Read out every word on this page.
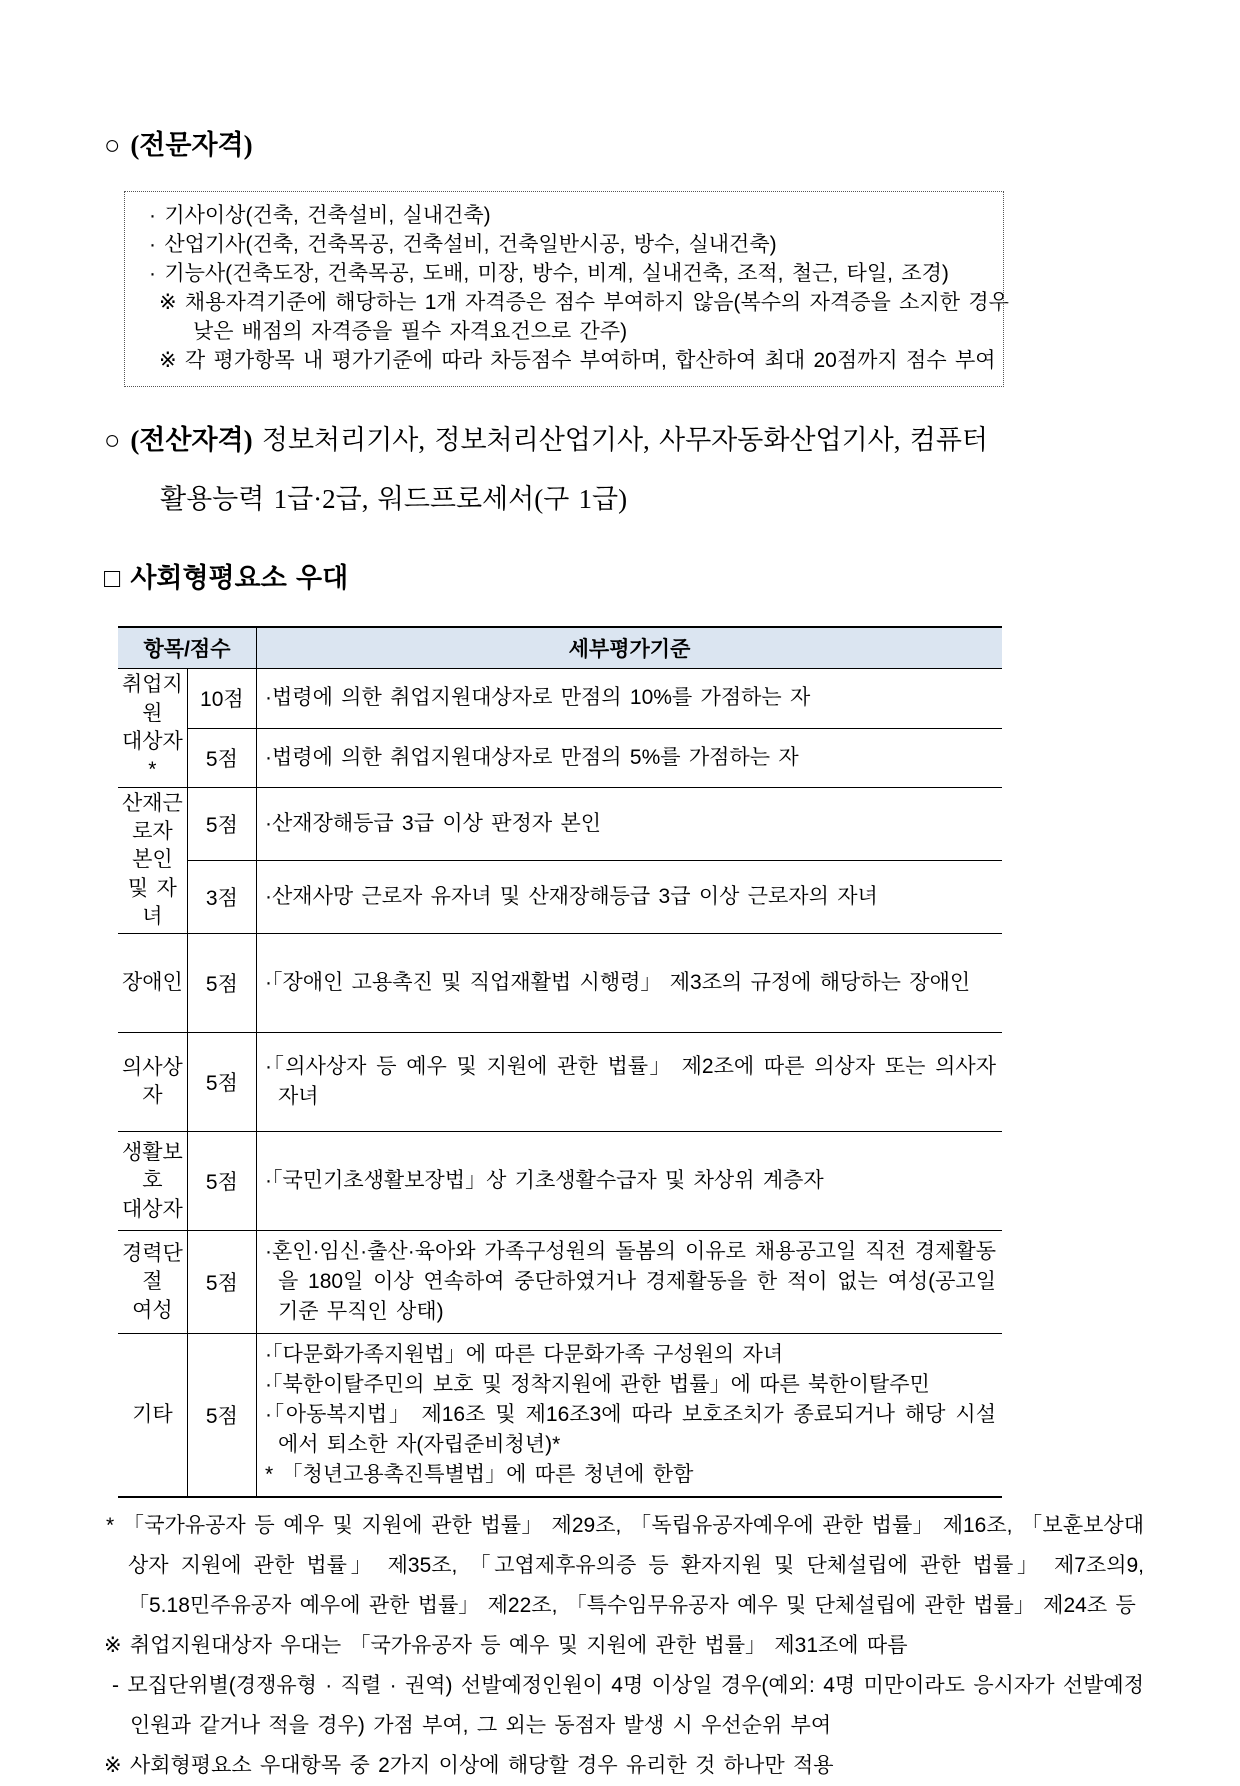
○ (전문자격)
· 기사이상(건축, 건축설비, 실내건축)
· 산업기사(건축, 건축목공, 건축설비, 건축일반시공, 방수, 실내건축)
· 기능사(건축도장, 건축목공, 도배, 미장, 방수, 비계, 실내건축, 조적, 철근, 타일, 조경)
※ 채용자격기준에 해당하는 1개 자격증은 점수 부여하지 않음(복수의 자격증을 소지한 경우
낮은 배점의 자격증을 필수 자격요건으로 간주)
※ 각 평가항목 내 평가기준에 따라 차등점수 부여하며, 합산하여 최대 20점까지 점수 부여
○ (전산자격) 정보처리기사, 정보처리산업기사, 사무자동화산업기사, 컴퓨터
활용능력 1급·2급, 워드프로세서(구 1급)
□ 사회형평요소 우대
항목/점수		세부평가기준
취업지원
대상자*	10점	·법령에 의한 취업지원대상자로 만점의 10%를 가점하는 자

	5점	·법령에 의한 취업지원대상자로 만점의 5%를 가점하는 자

산재근로자
본인 및 자녀	5점	·산재장해등급 3급 이상 판정자 본인

	3점	·산재사망 근로자 유자녀 및 산재장해등급 3급 이상 근로자의 자녀

장애인	5점	·「장애인 고용촉진 및 직업재활법 시행령」 제3조의 규정에 해당하는 장애인

의사상자	5점	·「의사상자 등 예우 및 지원에 관한 법률」 제2조에 따른 의상자 또는 의사자 자녀

생활보호
대상자	5점	·「국민기초생활보장법」상 기초생활수급자 및 차상위 계층자

경력단절
여성	5점	·혼인·임신·출산·육아와 가족구성원의 돌봄의 이유로 채용공고일 직전 경제활동을 180일 이상 연속하여 중단하였거나 경제활동을 한 적이 없는 여성(공고일 기준 무직인 상태)

기타	5점	·「다문화가족지원법」에 따른 다문화가족 구성원의 자녀

·「북한이탈주민의 보호 및 정착지원에 관한 법률」에 따른 북한이탈주민

·「아동복지법」 제16조 및 제16조3에 따라 보호조치가 종료되거나 해당 시설에서 퇴소한 자(자립준비청년)*

* 「청년고용촉진특별법」에 따른 청년에 한함

* 「국가유공자 등 예우 및 지원에 관한 법률」 제29조, 「독립유공자예우에 관한 법률」 제16조, 「보훈보상대상자 지원에 관한 법률」 제35조, 「고엽제후유의증 등 환자지원 및 단체설립에 관한 법률」 제7조의9, 「5.18민주유공자 예우에 관한 법률」 제22조, 「특수임무유공자 예우 및 단체설립에 관한 법률」 제24조 등

※ 취업지원대상자 우대는 「국가유공자 등 예우 및 지원에 관한 법률」 제31조에 따름

- 모집단위별(경쟁유형 · 직렬 · 권역) 선발예정인원이 4명 이상일 경우(예외: 4명 미만이라도 응시자가 선발예정인원과 같거나 적을 경우) 가점 부여, 그 외는 동점자 발생 시 우선순위 부여

※ 사회형평요소 우대항목 중 2가지 이상에 해당할 경우 유리한 것 하나만 적용
